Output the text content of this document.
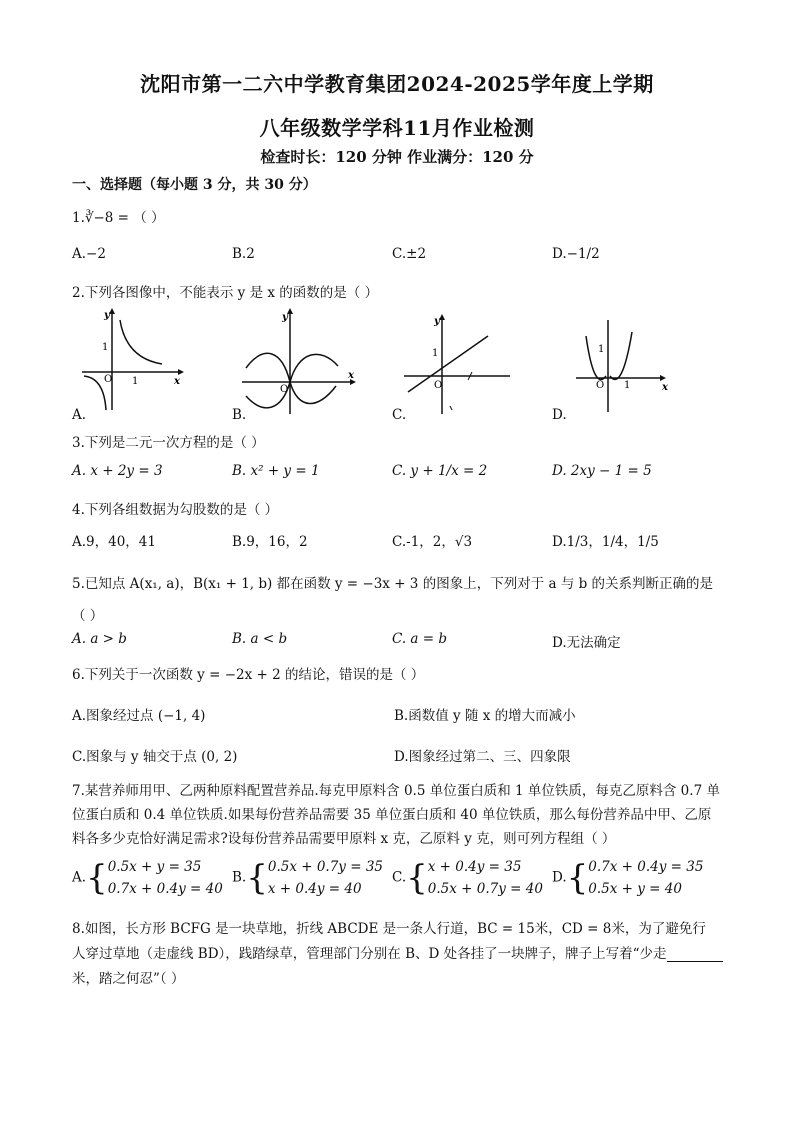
沈阳市第一二六中学教育集团2024-2025学年度上学期
八年级数学学科11月作业检测
检查时长：120 分钟 作业满分：120 分
一、选择题（每小题 3 分，共 30 分）
1.∛−8 = （ ）
A.−2	B.2	C.±2	D.−1/2
2.下列各图像中，不能表示 y 是 x 的函数的是（ ）
y
x
O 1
1
A.
y
x
O
B.
y
1
O
C.
x
O 1
1
D.
3.下列是二元一次方程的是（ ）
A. x + 2y = 3	B. x² + y = 1	C. y + 1/x = 2	D. 2xy − 1 = 5
4.下列各组数据为勾股数的是（ ）
A.9，40，41	B.9，16，2	C.-1，2，√3	D.1/3，1/4，1/5
5.已知点 A(x₁, a)，B(x₁ + 1, b) 都在函数 y = −3x + 3 的图象上，下列对于 a 与 b 的关系判断正确的是
（ ）
A. a > b	B. a < b	C. a = b	D.无法确定
6.下列关于一次函数 y = −2x + 2 的结论，错误的是（ ）
A.图象经过点 (−1, 4)	B.函数值 y 随 x 的增大而减小
C.图象与 y 轴交于点 (0, 2)	D.图象经过第二、三、四象限
7.某营养师用甲、乙两种原料配置营养品.每克甲原料含 0.5 单位蛋白质和 1 单位铁质，每克乙原料含 0.7 单
位蛋白质和 0.4 单位铁质.如果每份营养品需要 35 单位蛋白质和 40 单位铁质，那么每份营养品中甲、乙原
料各多少克恰好满足需求?设每份营养品需要甲原料 x 克，乙原料 y 克，则可列方程组（ ）
A.{ 0.5x + y = 35
0.7x + 0.4y = 40
B.{ 0.5x + 0.7y = 35
x + 0.4y = 40
C.{ x + 0.4y = 35
0.5x + 0.7y = 40
D.{ 0.7x + 0.4y = 35
0.5x + y = 40
8.如图，长方形 BCFG 是一块草地，折线 ABCDE 是一条人行道，BC = 15米，CD = 8米，为了避免行
人穿过草地（走虚线 BD），践踏绿草，管理部门分别在 B、D 处各挂了一块牌子，牌子上写着“少走
米，踏之何忍”（ ）
